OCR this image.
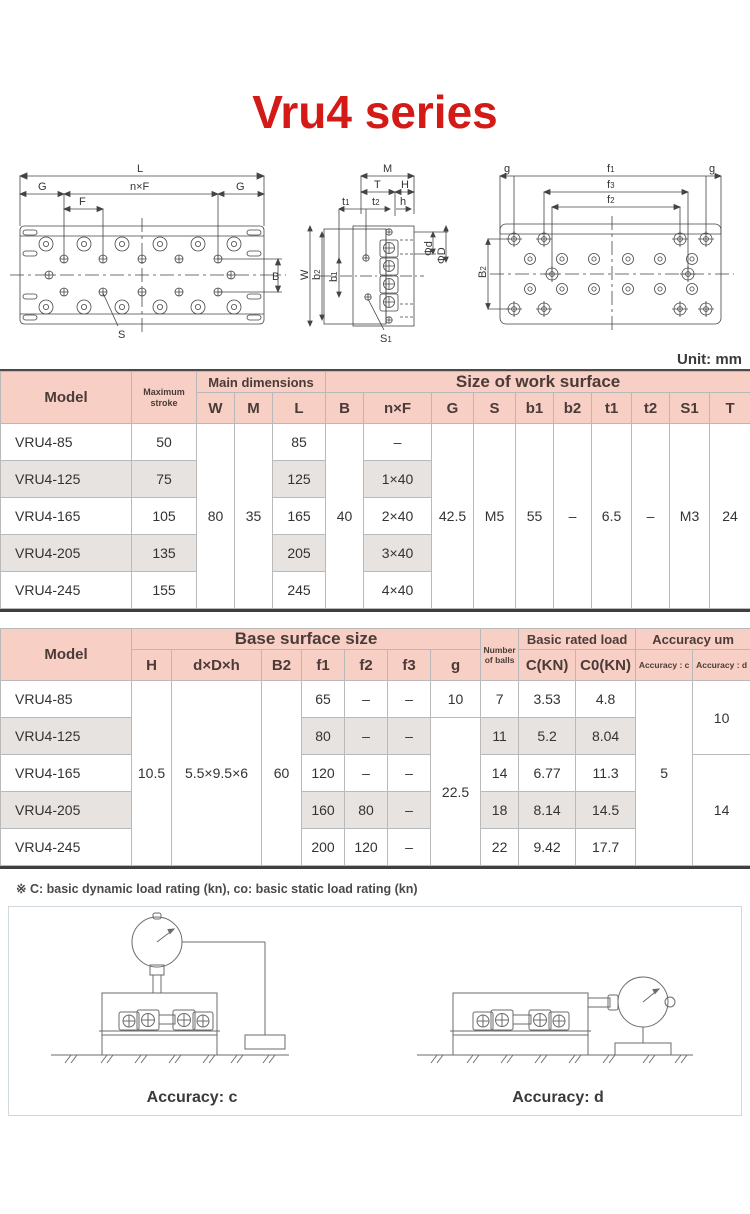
Vru4 series
L
G	n×F	G
F
B
S
M
T H
t1 t2 h
W b2
b1
Φd ΦD
S1
g	f1	g
f3
f2
B2
Unit: mm
Model	Maximum
stroke	Main dimensions			Size of work surface									
		W	M	L	B	n×F	G	S	b1	b2	t1	t2	S1	T
VRU4-85	50	80	35	85	40	–	42.5	M5	55	–	6.5	–	M3	24
VRU4-125	75			125		1×40								
VRU4-165	105			165		2×40								
VRU4-205	135			205		3×40								
VRU4-245	155			245		4×40								
Model	Base surface size							Number
of balls	Basic rated load		Accuracy um	
	H	d×D×h	B2	f1	f2	f3	g		C(KN)	C0(KN)	Accuracy : c	Accuracy : d
VRU4-85	10.5	5.5×9.5×6	60	65	–	–	10	7	3.53	4.8	5	10
VRU4-125				80	–	–	22.5	11	5.2	8.04		
VRU4-165				120	–	–		14	6.77	11.3		14
VRU4-205				160	80	–		18	8.14	14.5		
VRU4-245				200	120	–		22	9.42	17.7		
※ C: basic dynamic load rating (kn), co: basic static load rating (kn)
Accuracy: c	Accuracy: d
